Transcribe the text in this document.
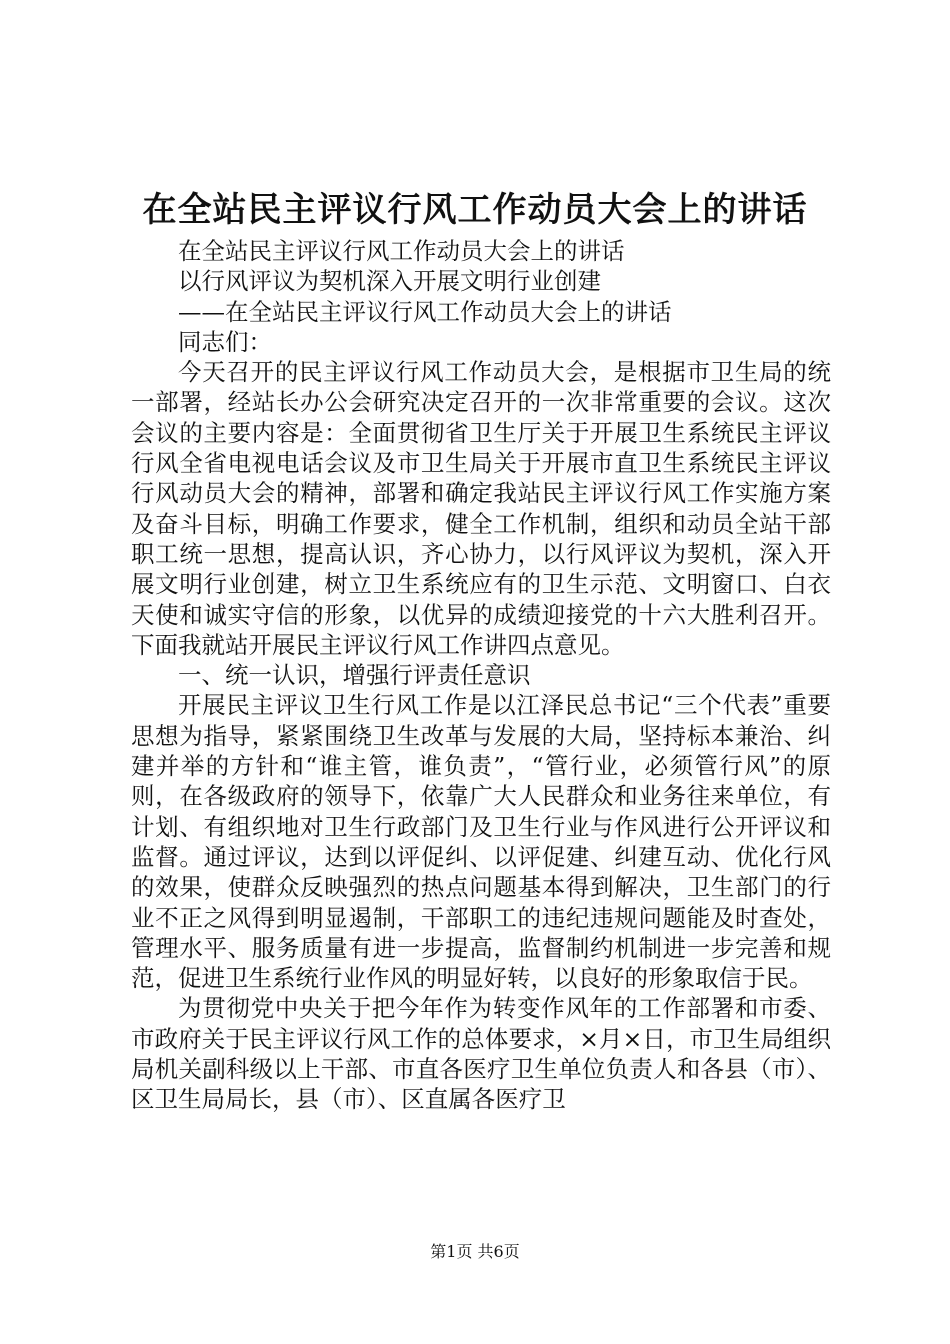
在全站民主评议行风工作动员大会上的讲话

在全站民主评议行风工作动员大会上的讲话

以行风评议为契机深入开展文明行业创建

——在全站民主评议行风工作动员大会上的讲话

同志们：

今天召开的民主评议行风工作动员大会，是根据市卫生局的统一部署，经站长办公会研究决定召开的一次非常重要的会议。这次会议的主要内容是：全面贯彻省卫生厅关于开展卫生系统民主评议行风全省电视电话会议及市卫生局关于开展市直卫生系统民主评议行风动员大会的精神，部署和确定我站民主评议行风工作实施方案及奋斗目标，明确工作要求，健全工作机制，组织和动员全站干部职工统一思想，提高认识，齐心协力，以行风评议为契机，深入开展文明行业创建，树立卫生系统应有的卫生示范、文明窗口、白衣天使和诚实守信的形象，以优异的成绩迎接党的十六大胜利召开。下面我就站开展民主评议行风工作讲四点意见。

一、统一认识，增强行评责任意识

开展民主评议卫生行风工作是以江泽民总书记“三个代表”重要思想为指导，紧紧围绕卫生改革与发展的大局，坚持标本兼治、纠建并举的方针和“谁主管，谁负责”，“管行业，必须管行风”的原则，在各级政府的领导下，依靠广大人民群众和业务往来单位，有计划、有组织地对卫生行政部门及卫生行业与作风进行公开评议和监督。通过评议，达到以评促纠、以评促建、纠建互动、优化行风的效果，使群众反映强烈的热点问题基本得到解决，卫生部门的行业不正之风得到明显遏制，干部职工的违纪违规问题能及时查处，管理水平、服务质量有进一步提高，监督制约机制进一步完善和规范，促进卫生系统行业作风的明显好转，以良好的形象取信于民。

为贯彻党中央关于把今年作为转变作风年的工作部署和市委、市政府关于民主评议行风工作的总体要求，×月×日，市卫生局组织局机关副科级以上干部、市直各医疗卫生单位负责人和各县（市）、区卫生局局长，县（市）、区直属各医疗卫

第1页 共6页
